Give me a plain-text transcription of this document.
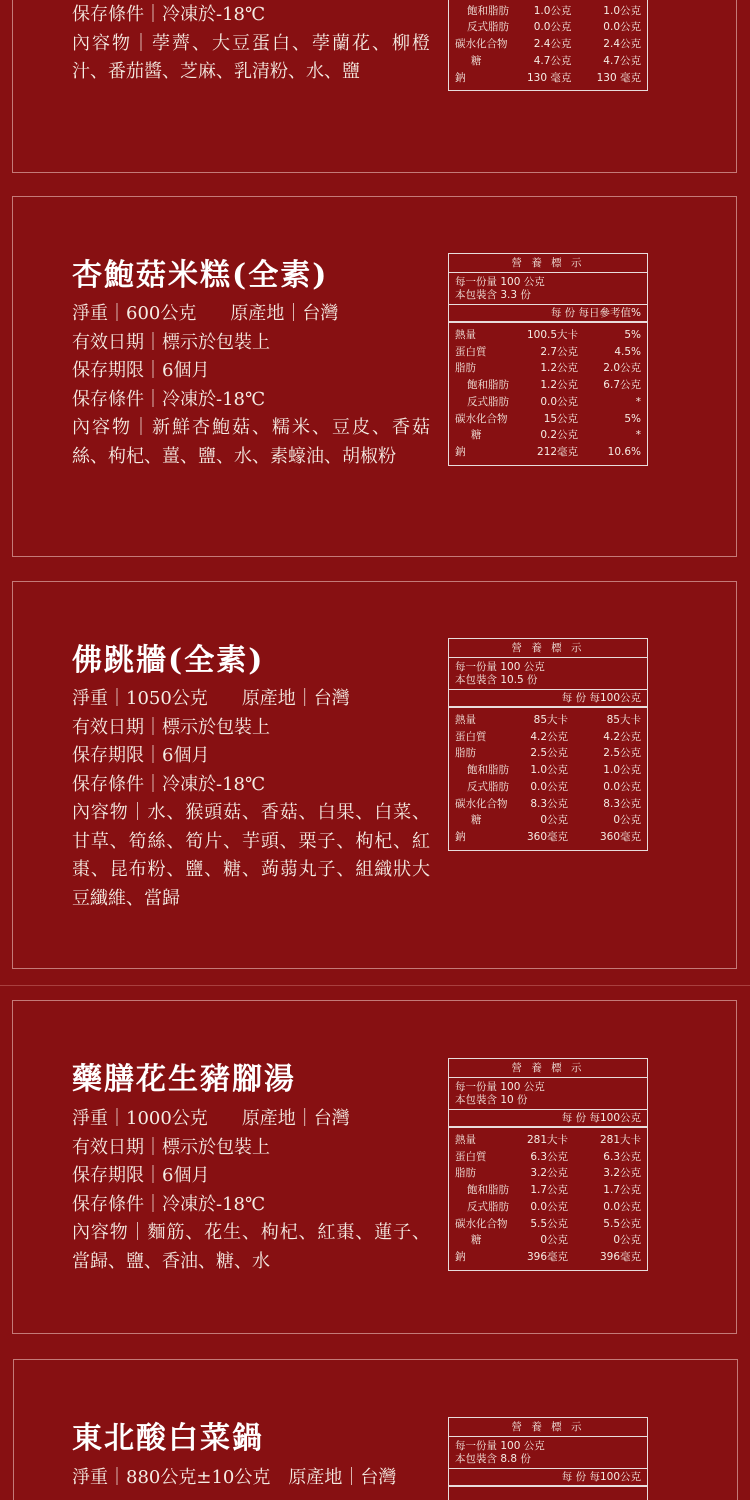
保存條件｜冷凍於-18℃
內容物｜荸薺、大豆蛋白、荸蘭花、柳橙汁、番茄醬、芝麻、乳清粉、水、鹽

飽和脂肪	1.0公克	1.0公克
反式脂肪	0.0公克	0.0公克
碳水化合物	2.4公克	2.4公克
糖	4.7公克	4.7公克
鈉	130 毫克	130 毫克
杏鮑菇米糕(全素)
淨重｜600公克 原產地｜台灣
有效日期｜標示於包裝上
保存期限｜6個月
保存條件｜冷凍於-18℃
內容物｜新鮮杏鮑菇、糯米、豆皮、香菇絲、枸杞、薑、鹽、水、素蠔油、胡椒粉
營 養 標 示
每一份量 100 公克
本包裝含 3.3 份
每 份 每日參考值%
熱量	100.5大卡	5%
蛋白質	2.7公克	4.5%
脂肪	1.2公克	2.0公克
飽和脂肪	1.2公克	6.7公克
反式脂肪	0.0公克	*
碳水化合物	15公克	5%
糖	0.2公克	*
鈉	212毫克	10.6%
佛跳牆(全素)
淨重｜1050公克 原產地｜台灣
有效日期｜標示於包裝上
保存期限｜6個月
保存條件｜冷凍於-18℃
內容物｜水、猴頭菇、香菇、白果、白菜、甘草、筍絲、筍片、芋頭、栗子、枸杞、紅棗、昆布粉、鹽、糖、蒟蒻丸子、組織狀大豆纖維、當歸
營 養 標 示
每一份量 100 公克
本包裝含 10.5 份
每 份 每100公克
熱量	85大卡	85大卡
蛋白質	4.2公克	4.2公克
脂肪	2.5公克	2.5公克
飽和脂肪	1.0公克	1.0公克
反式脂肪	0.0公克	0.0公克
碳水化合物	8.3公克	8.3公克
糖	0公克	0公克
鈉	360毫克	360毫克
藥膳花生豬腳湯
淨重｜1000公克 原產地｜台灣
有效日期｜標示於包裝上
保存期限｜6個月
保存條件｜冷凍於-18℃
內容物｜麵筋、花生、枸杞、紅棗、蓮子、當歸、鹽、香油、糖、水
營 養 標 示
每一份量 100 公克
本包裝含 10 份
每 份 每100公克
熱量	281大卡	281大卡
蛋白質	6.3公克	6.3公克
脂肪	3.2公克	3.2公克
飽和脂肪	1.7公克	1.7公克
反式脂肪	0.0公克	0.0公克
碳水化合物	5.5公克	5.5公克
糖	0公克	0公克
鈉	396毫克	396毫克
東北酸白菜鍋
淨重｜880公克±10公克 原產地｜台灣
營 養 標 示
每一份量 100 公克
本包裝含 8.8 份
每 份 每100公克
